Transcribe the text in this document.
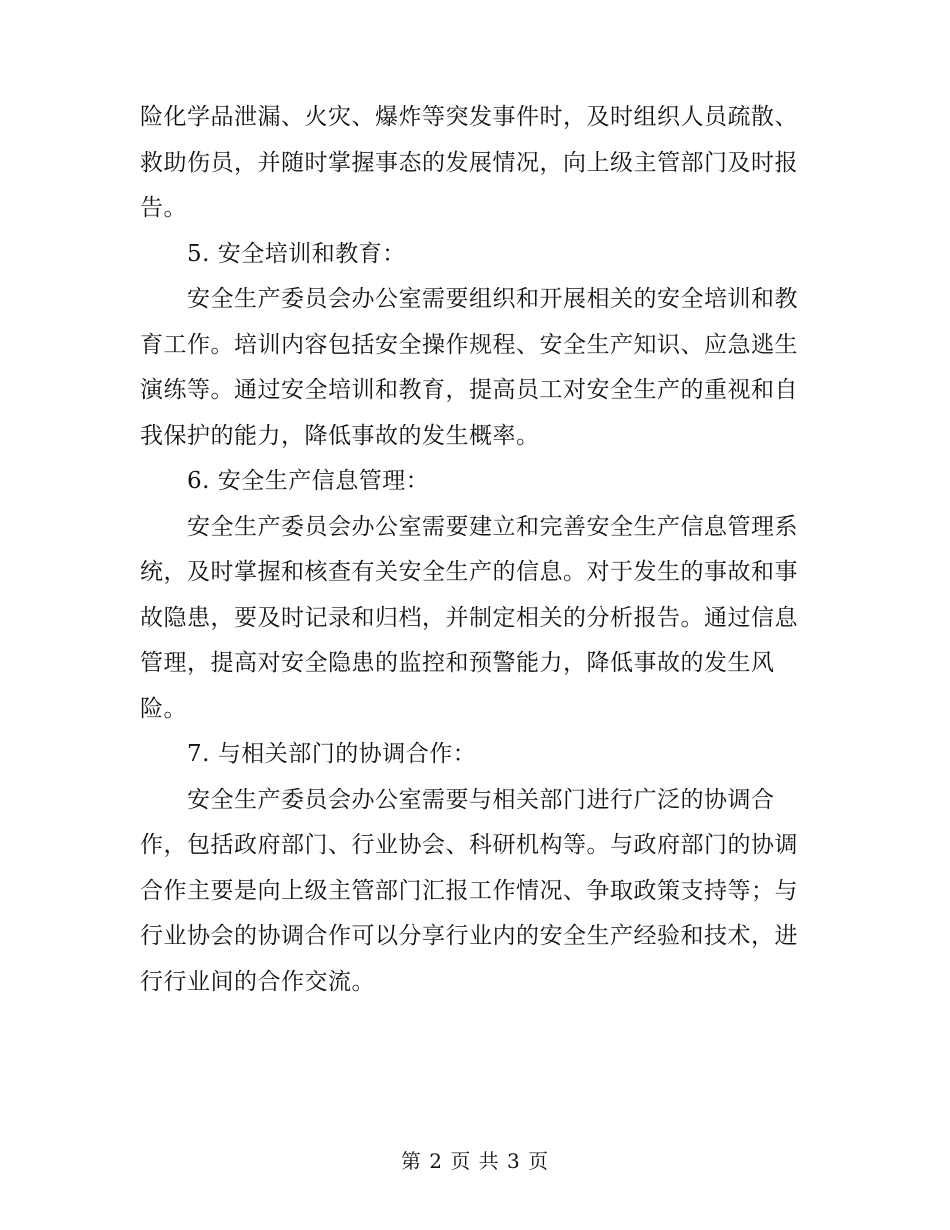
险化学品泄漏、火灾、爆炸等突发事件时，及时组织人员疏散、
救助伤员，并随时掌握事态的发展情况，向上级主管部门及时报
告。
5. 安全培训和教育：
安全生产委员会办公室需要组织和开展相关的安全培训和教
育工作。培训内容包括安全操作规程、安全生产知识、应急逃生
演练等。通过安全培训和教育，提高员工对安全生产的重视和自
我保护的能力，降低事故的发生概率。
6. 安全生产信息管理：
安全生产委员会办公室需要建立和完善安全生产信息管理系
统，及时掌握和核查有关安全生产的信息。对于发生的事故和事
故隐患，要及时记录和归档，并制定相关的分析报告。通过信息
管理，提高对安全隐患的监控和预警能力，降低事故的发生风
险。
7. 与相关部门的协调合作：
安全生产委员会办公室需要与相关部门进行广泛的协调合
作，包括政府部门、行业协会、科研机构等。与政府部门的协调
合作主要是向上级主管部门汇报工作情况、争取政策支持等；与
行业协会的协调合作可以分享行业内的安全生产经验和技术，进
行行业间的合作交流。
第 2 页 共 3 页
